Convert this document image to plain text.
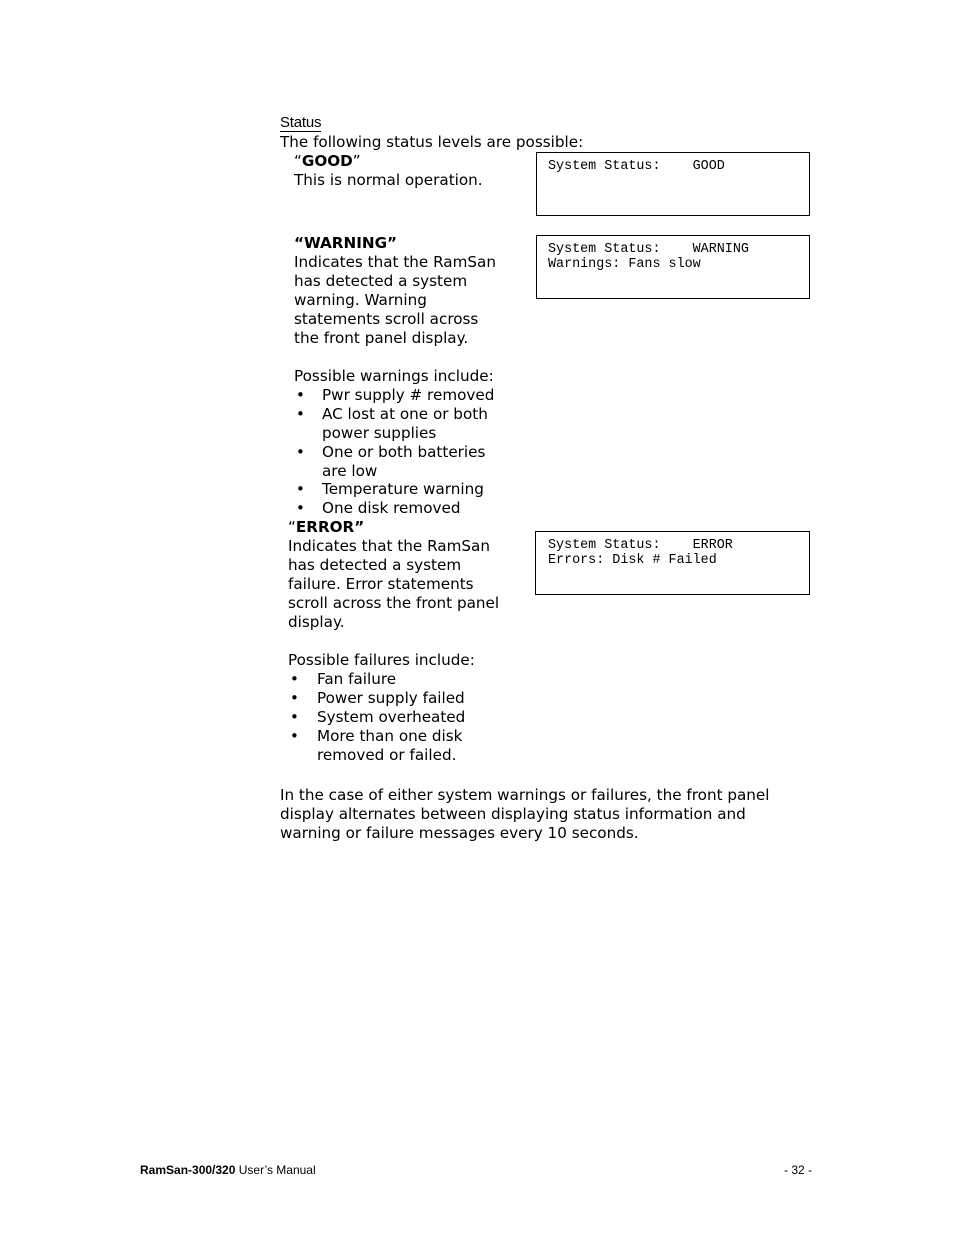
Status
The following status levels are possible:
“GOOD”
This is normal operation.
System Status:    GOOD
“WARNING”
Indicates that the RamSan
has detected a system
warning. Warning
statements scroll across
the front panel display.
System Status:    WARNING
Warnings: Fans slow
Possible warnings include:
• Pwr supply # removed
• AC lost at one or both
power supplies
• One or both batteries
are low
• Temperature warning
• One disk removed
“ERROR”
Indicates that the RamSan
has detected a system
failure. Error statements
scroll across the front panel
display.
System Status:    ERROR
Errors: Disk # Failed
Possible failures include:
• Fan failure
• Power supply failed
• System overheated
• More than one disk
removed or failed.
In the case of either system warnings or failures, the front panel
display alternates between displaying status information and
warning or failure messages every 10 seconds.
RamSan-300/320 User’s Manual	- 32 -
